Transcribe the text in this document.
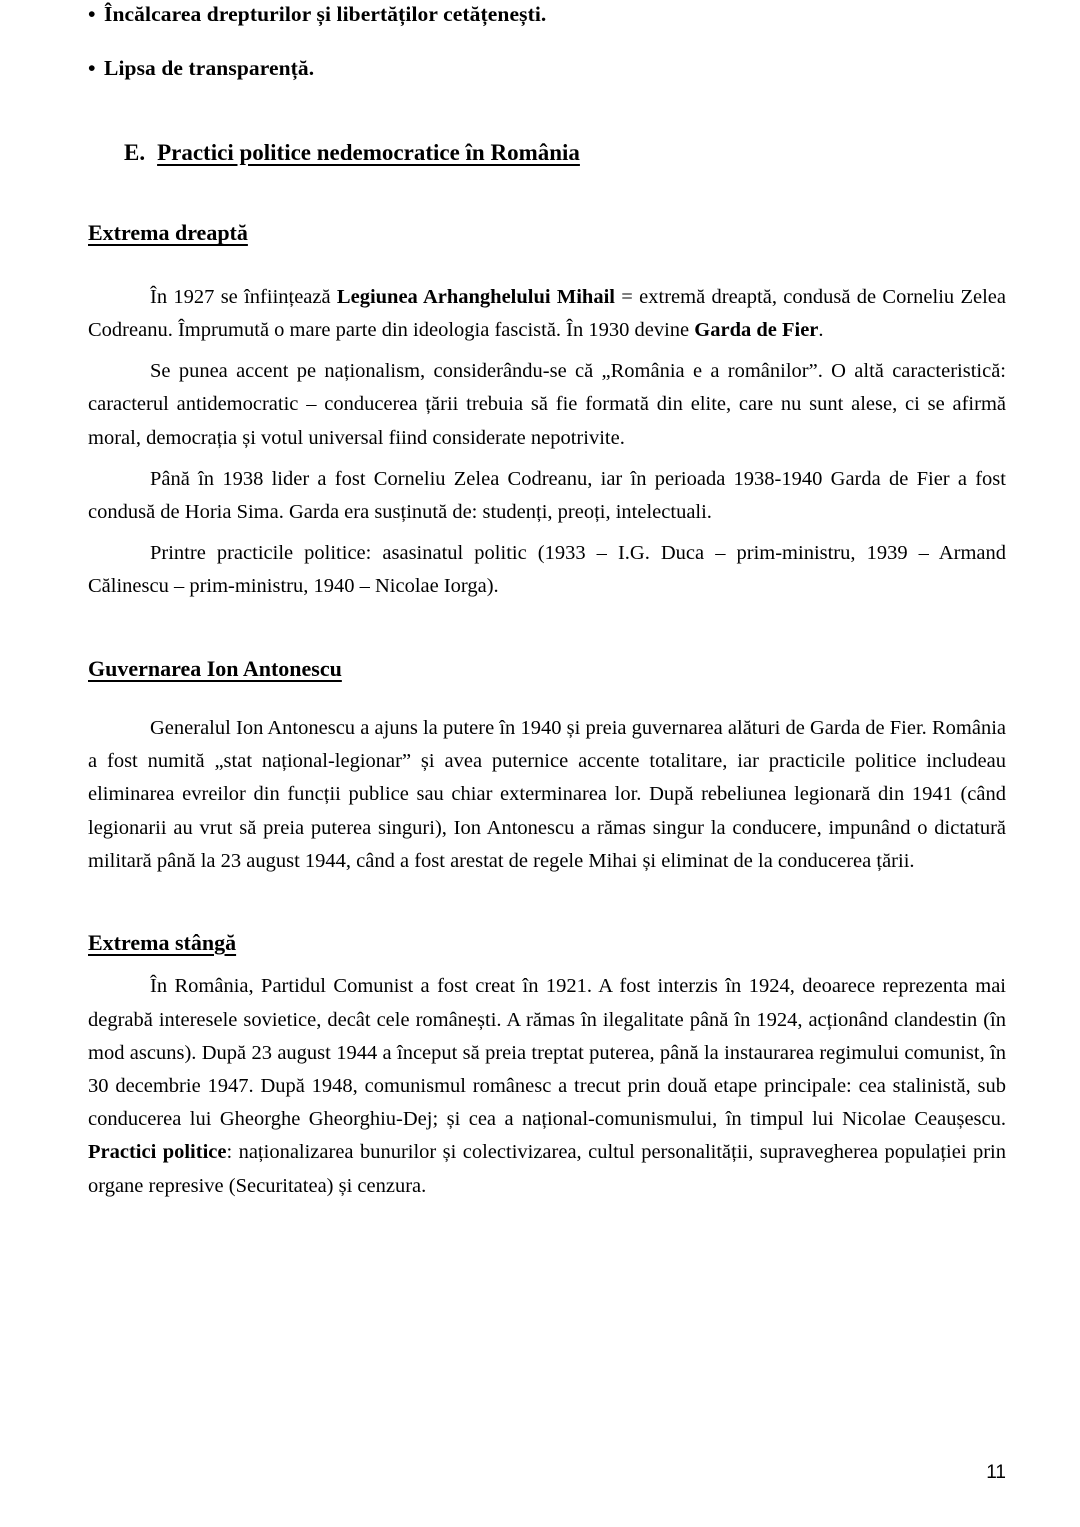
• Încălcarea drepturilor și libertăților cetățenești.
• Lipsa de transparență.
E. Practici politice nedemocratice în România
Extrema dreaptă

În 1927 se înființează Legiunea Arhanghelului Mihail = extremă dreaptă, condusă de Corneliu Zelea Codreanu. Împrumută o mare parte din ideologia fascistă. În 1930 devine Garda de Fier.

Se punea accent pe naționalism, considerându-se că „România e a românilor”. O altă caracteristică: caracterul antidemocratic – conducerea țării trebuia să fie formată din elite, care nu sunt alese, ci se afirmă moral, democrația și votul universal fiind considerate nepotrivite.

Până în 1938 lider a fost Corneliu Zelea Codreanu, iar în perioada 1938-1940 Garda de Fier a fost condusă de Horia Sima. Garda era susținută de: studenți, preoți, intelectuali.

Printre practicile politice: asasinatul politic (1933 – I.G. Duca – prim-ministru, 1939 – Armand Călinescu – prim-ministru, 1940 – Nicolae Iorga).

Guvernarea Ion Antonescu

Generalul Ion Antonescu a ajuns la putere în 1940 și preia guvernarea alături de Garda de Fier. România a fost numită „stat național-legionar” și avea puternice accente totalitare, iar practicile politice includeau eliminarea evreilor din funcții publice sau chiar exterminarea lor. După rebeliunea legionară din 1941 (când legionarii au vrut să preia puterea singuri), Ion Antonescu a rămas singur la conducere, impunând o dictatură militară până la 23 august 1944, când a fost arestat de regele Mihai și eliminat de la conducerea țării.

Extrema stângă

În România, Partidul Comunist a fost creat în 1921. A fost interzis în 1924, deoarece reprezenta mai degrabă interesele sovietice, decât cele românești. A rămas în ilegalitate până în 1924, acționând clandestin (în mod ascuns). După 23 august 1944 a început să preia treptat puterea, până la instaurarea regimului comunist, în 30 decembrie 1947. După 1948, comunismul românesc a trecut prin două etape principale: cea stalinistă, sub conducerea lui Gheorghe Gheorghiu-Dej; și cea a național-comunismului, în timpul lui Nicolae Ceaușescu. Practici politice: naționalizarea bunurilor și colectivizarea, cultul personalității, supravegherea populației prin organe represive (Securitatea) și cenzura.

11
